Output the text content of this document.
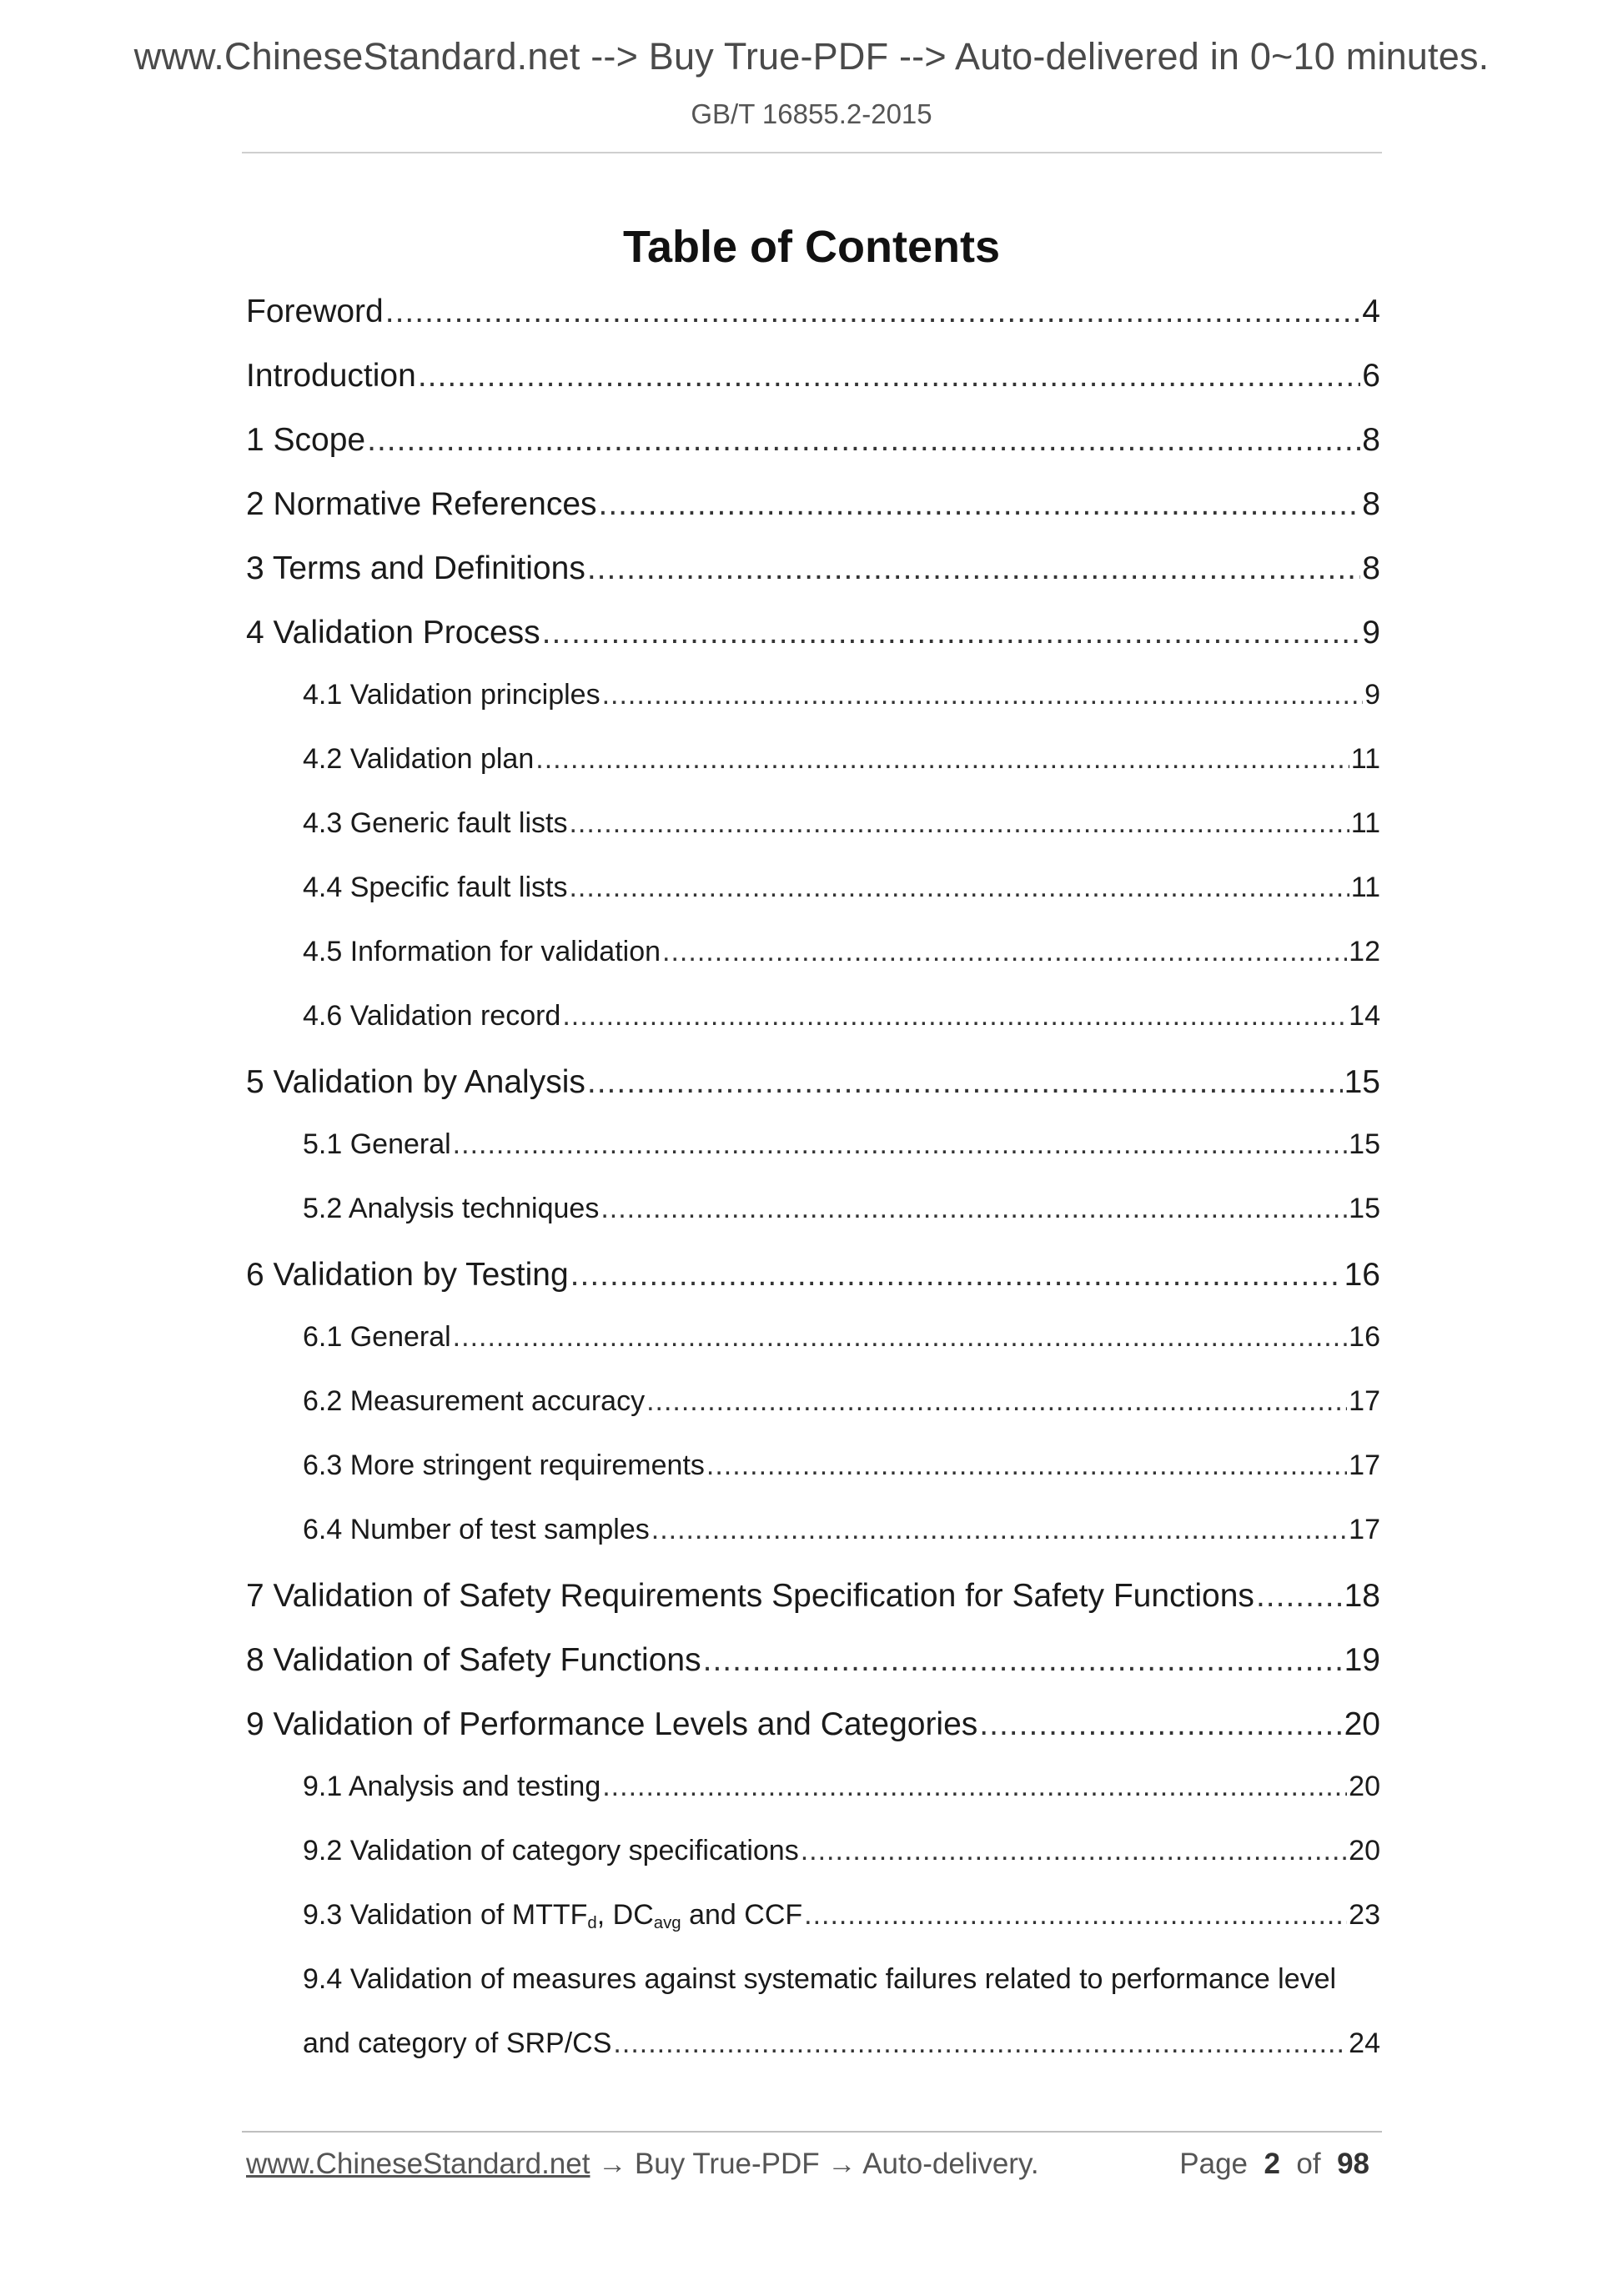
www.ChineseStandard.net --> Buy True-PDF --> Auto-delivered in 0~10 minutes.
GB/T 16855.2-2015
Table of Contents
Foreword .....	4
Introduction .....	6
1 Scope .....	8
2 Normative References .....	8
3 Terms and Definitions .....	8
4 Validation Process .....	9
4.1 Validation principles .....	9
4.2 Validation plan .....	11
4.3 Generic fault lists .....	11
4.4 Specific fault lists .....	11
4.5 Information for validation .....	12
4.6 Validation record .....	14
5 Validation by Analysis .....	15
5.1 General .....	15
5.2 Analysis techniques .....	15
6 Validation by Testing .....	16
6.1 General .....	16
6.2 Measurement accuracy .....	17
6.3 More stringent requirements .....	17
6.4 Number of test samples .....	17
7 Validation of Safety Requirements Specification for Safety Functions .....	18
8 Validation of Safety Functions .....	19
9 Validation of Performance Levels and Categories .....	20
9.1 Analysis and testing .....	20
9.2 Validation of category specifications .....	20
9.3 Validation of $MTTF_d$, $DC_{avg}$ and CCF .....	23
9.4 Validation of measures against systematic failures related to performance level
and category of SRP/CS .....	24
www.ChineseStandard.net → Buy True-PDF → Auto-delivery.	Page 2 of 98
